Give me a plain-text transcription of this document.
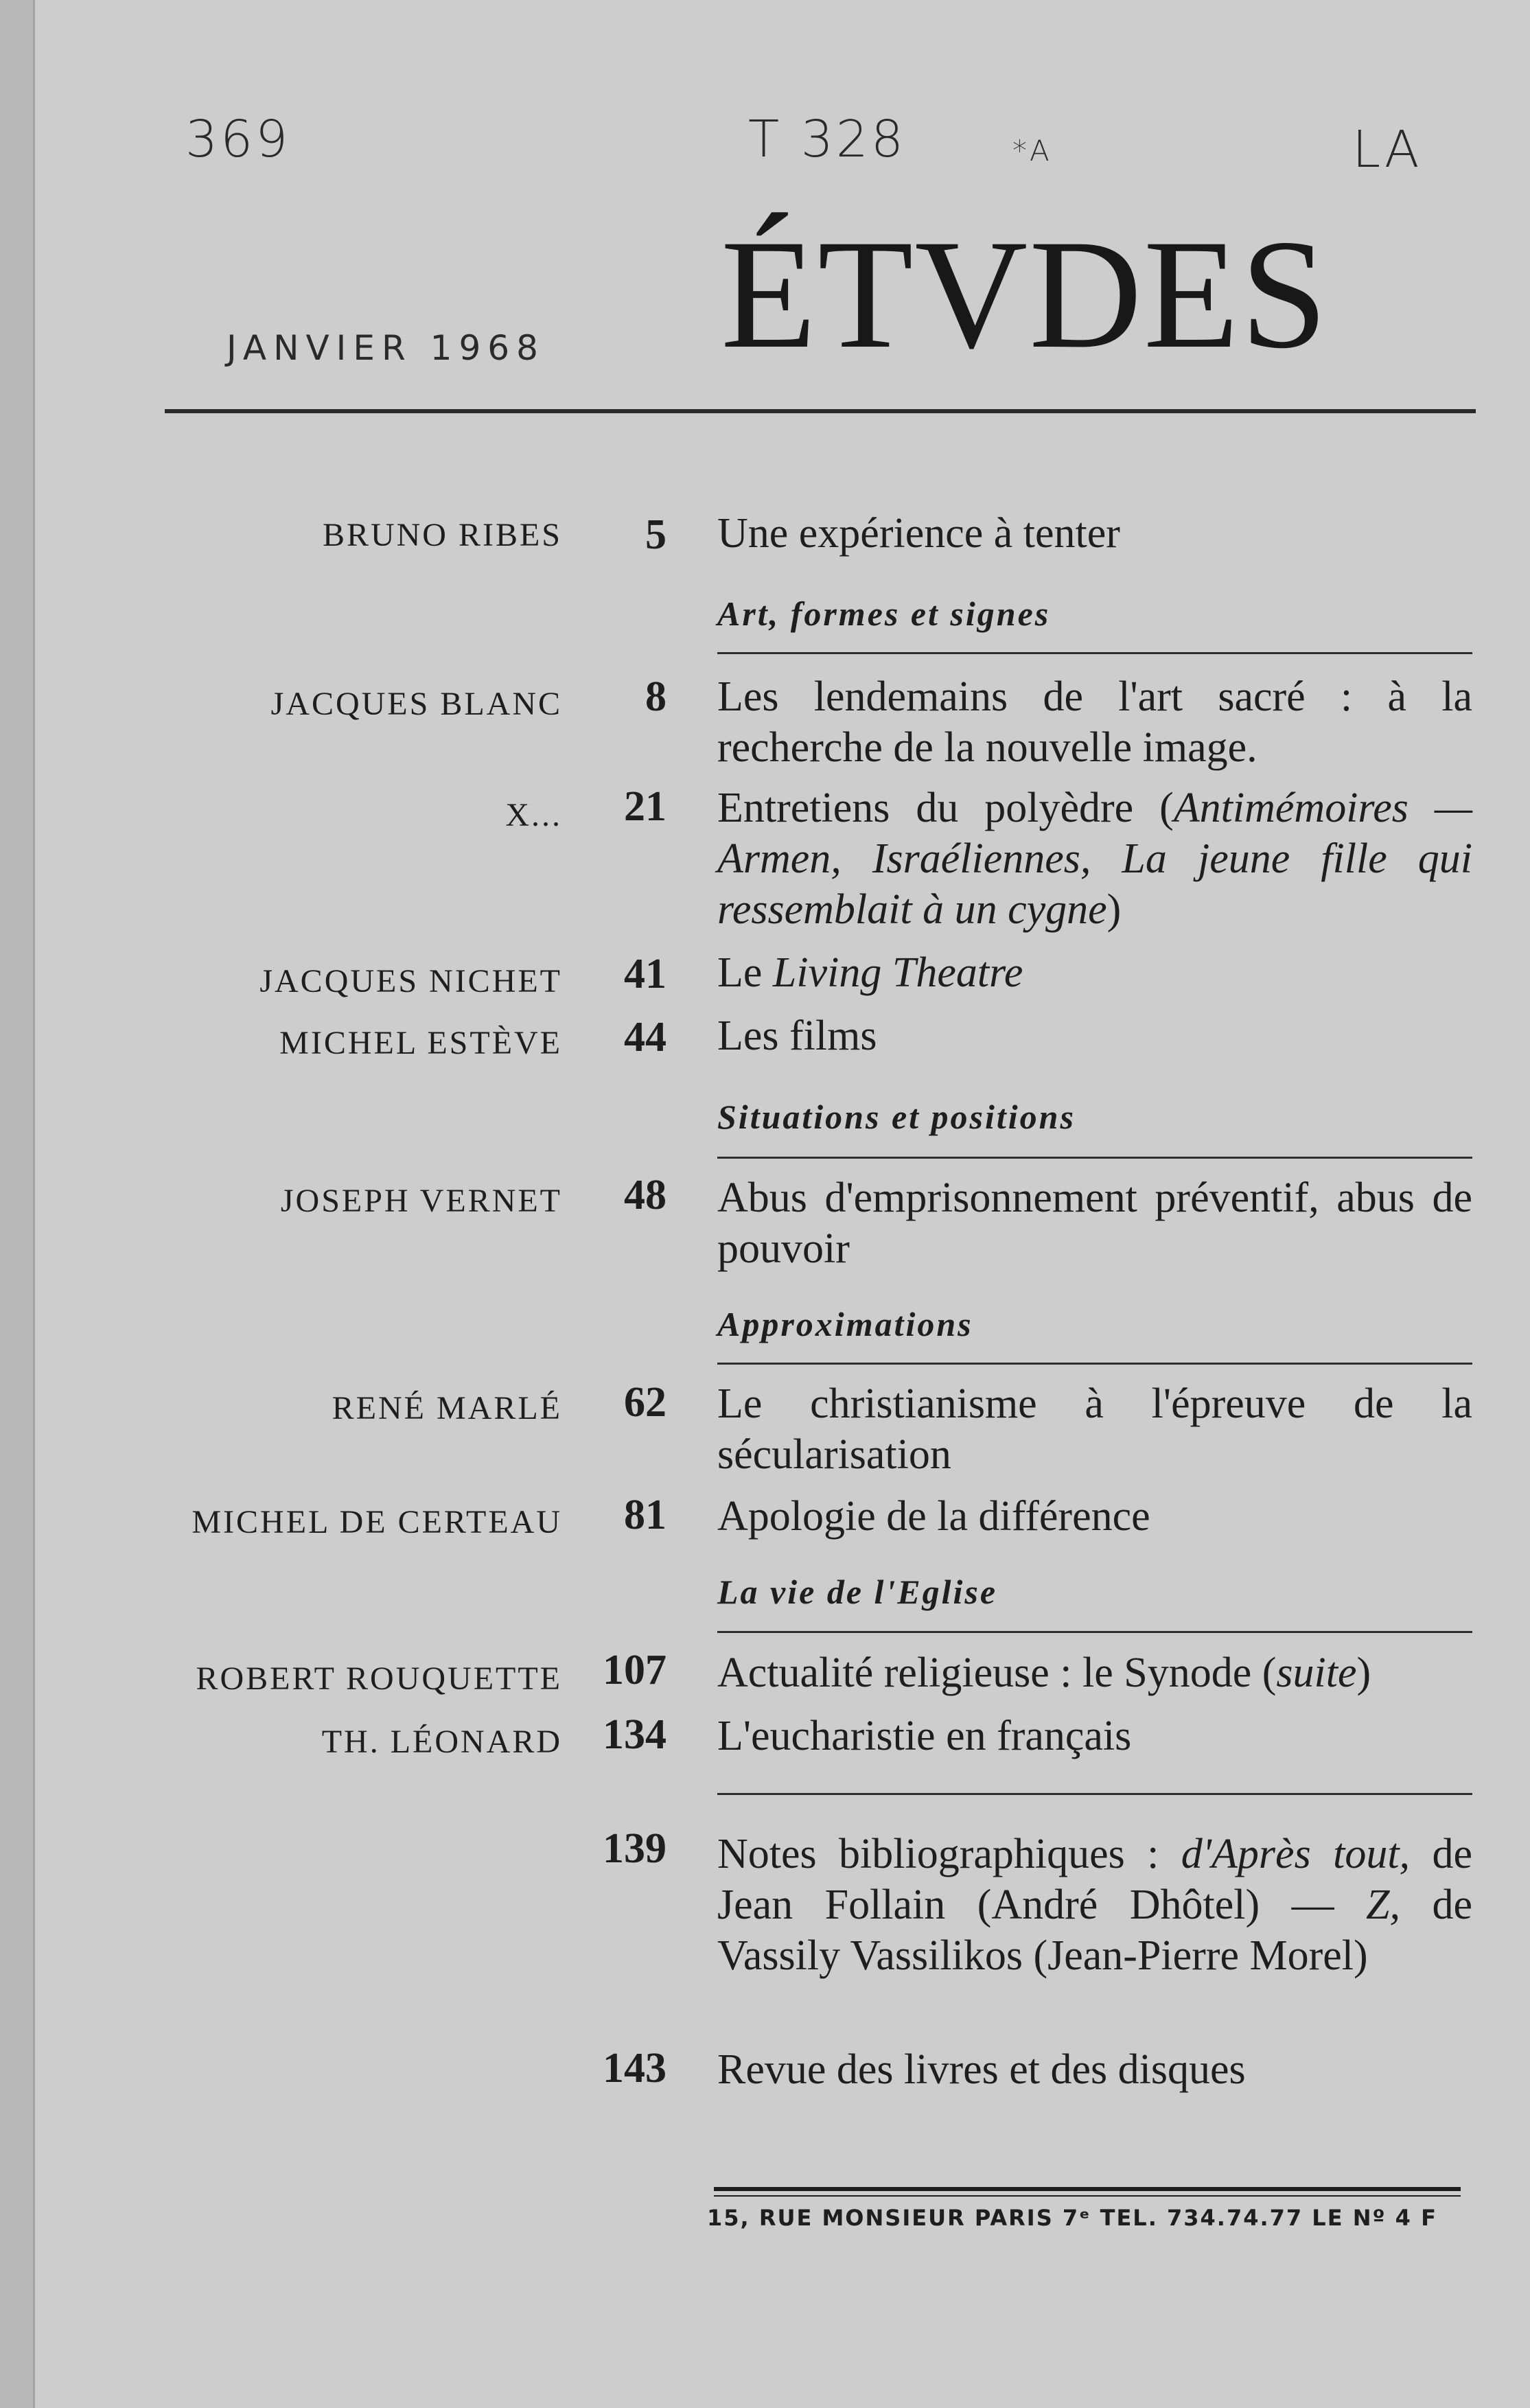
369	T 328	*A	LA
JANVIER 1968 ÉTVDES
BRUNO RIBES 5 Une expérience à tenter
Art, formes et signes
JACQUES BLANC 8 Les lendemains de l'art sacré : à la recherche de la nouvelle image.
X... 21 Entretiens du polyèdre (Antimémoires — Armen, Israéliennes, La jeune fille qui ressemblait à un cygne)
JACQUES NICHET 41 Le Living Theatre
MICHEL ESTÈVE 44 Les films
Situations et positions
JOSEPH VERNET 48 Abus d'emprisonnement préventif, abus de pouvoir
Approximations
RENÉ MARLÉ 62 Le christianisme à l'épreuve de la sécularisation
MICHEL DE CERTEAU 81 Apologie de la différence
La vie de l'Eglise
ROBERT ROUQUETTE 107 Actualité religieuse : le Synode (suite)
TH. LÉONARD 134 L'eucharistie en français
139 Notes bibliographiques : d'Après tout, de Jean Follain (André Dhôtel) — Z, de Vassily Vassilikos (Jean-Pierre Morel)
143 Revue des livres et des disques
15, RUE MONSIEUR PARIS 7ᵉ TEL. 734.74.77 LE Nº 4 F
